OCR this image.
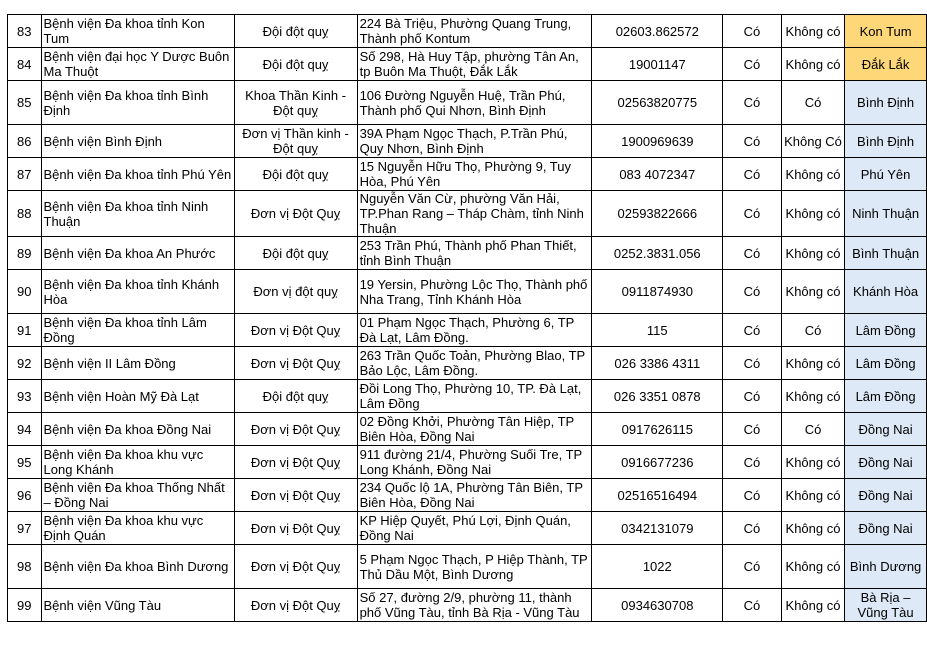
83	Bệnh viện Đa khoa tỉnh Kon Tum	Đội đột quỵ	224 Bà Triệu, Phường Quang Trung, Thành phố Kontum	02603.862572	Có	Không có	Kon Tum
84	Bệnh viện đại học Y Dược Buôn Ma Thuột	Đội đột quỵ	Số 298, Hà Huy Tập, phường Tân An, tp Buôn Ma Thuột, Đắk Lắk	19001147	Có	Không có	Đắk Lắk
85	Bệnh viện Đa khoa tỉnh Bình Định	Khoa Thần Kinh - Đột quỵ	106 Đường Nguyễn Huệ, Trần Phú, Thành phố Qui Nhơn, Bình Định	02563820775	Có	Có	Bình Định
86	Bệnh viện Bình Định	Đơn vị Thần kinh - Đột quỵ	39A Phạm Ngọc Thạch, P.Trần Phú, Quy Nhơn, Bình Định	1900969639	Có	Không Có	Bình Định
87	Bệnh viện Đa khoa tỉnh Phú Yên	Đội đột quỵ	15 Nguyễn Hữu Thọ, Phường 9, Tuy Hòa, Phú Yên	083 4072347	Có	Không có	Phú Yên
88	Bệnh viện Đa khoa tỉnh Ninh Thuận	Đơn vị Đột Quỵ	Nguyễn Văn Cừ, phường Văn Hải, TP.Phan Rang – Tháp Chàm, tỉnh Ninh Thuận	02593822666	Có	Không có	Ninh Thuận
89	Bệnh viện Đa khoa An Phước	Đội đột quỵ	253 Trần Phú, Thành phố Phan Thiết, tỉnh Bình Thuận	0252.3831.056	Có	Không có	Bình Thuận
90	Bệnh viện Đa khoa tỉnh Khánh Hòa	Đơn vị đột quỵ	19 Yersin, Phường Lộc Thọ, Thành phố Nha Trang, Tỉnh Khánh Hòa	0911874930	Có	Không có	Khánh Hòa
91	Bệnh viện Đa khoa tỉnh Lâm Đồng	Đơn vị Đột Quỵ	01 Phạm Ngọc Thạch, Phường 6, TP Đà Lạt, Lâm Đồng.	115	Có	Có	Lâm Đồng
92	Bệnh viện II Lâm Đồng	Đơn vị Đột Quỵ	263 Trần Quốc Toản, Phường Blao, TP Bảo Lộc, Lâm Đồng.	026 3386 4311	Có	Không có	Lâm Đồng
93	Bệnh viện Hoàn Mỹ Đà Lạt	Đội đột quỵ	Đồi Long Thọ, Phường 10, TP. Đà Lạt, Lâm Đồng	026 3351 0878	Có	Không có	Lâm Đồng
94	Bệnh viện Đa khoa Đồng Nai	Đơn vị Đột Quỵ	02 Đồng Khởi, Phường Tân Hiệp, TP Biên Hòa, Đồng Nai	0917626115	Có	Có	Đồng Nai
95	Bệnh viện Đa khoa khu vực Long Khánh	Đơn vị Đột Quỵ	911 đường 21/4, Phường Suối Tre, TP Long Khánh, Đồng Nai	0916677236	Có	Không có	Đồng Nai
96	Bệnh viện Đa khoa Thống Nhất – Đồng Nai	Đơn vị Đột Quỵ	234 Quốc lộ 1A, Phường Tân Biên, TP Biên Hòa, Đồng Nai	02516516494	Có	Không có	Đồng Nai
97	Bệnh viện Đa khoa khu vực Định Quán	Đơn vị Đột Quỵ	KP Hiệp Quyết, Phú Lợi, Định Quán, Đồng Nai	0342131079	Có	Không có	Đồng Nai
98	Bệnh viện Đa khoa Bình Dương	Đơn vị Đột Quỵ	5 Phạm Ngọc Thạch, P Hiệp Thành, TP Thủ Dầu Một, Bình Dương	1022	Có	Không có	Bình Dương
99	Bệnh viện Vũng Tàu	Đơn vị Đột Quỵ	Số 27, đường 2/9, phường 11, thành phố Vũng Tàu, tỉnh Bà Rịa - Vũng Tàu	0934630708	Có	Không có	Bà Rịa – Vũng Tàu
